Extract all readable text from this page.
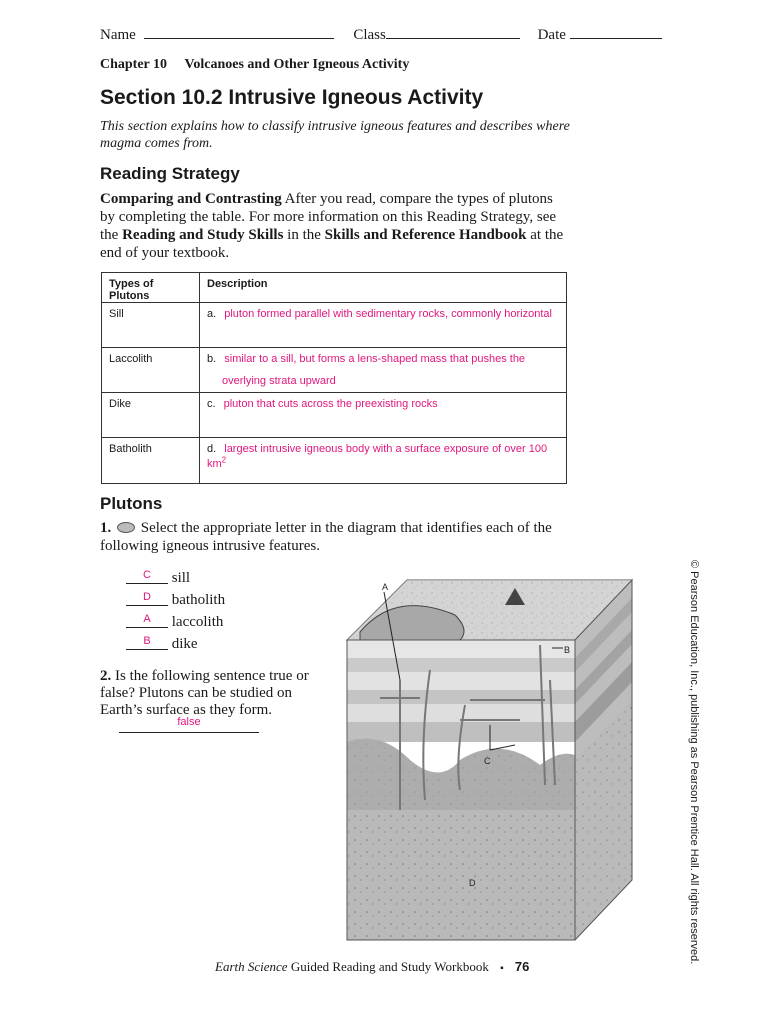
Name	Class	Date
Chapter 10 Volcanoes and Other Igneous Activity
Section 10.2 Intrusive Igneous Activity
This section explains how to classify intrusive igneous features and describes where magma comes from.
Reading Strategy
Comparing and Contrasting After you read, compare the types of plutons by completing the table. For more information on this Reading Strategy, see the Reading and Study Skills in the Skills and Reference Handbook at the end of your textbook.
Types of Plutons	Description
Sill	a. pluton formed parallel with sedimentary rocks, commonly horizontal
Laccolith	b. similar to a sill, but forms a lens-shaped mass that pushes the
overlying strata upward

Dike	c. pluton that cuts across the preexisting rocks
Batholith	d. largest intrusive igneous body with a surface exposure of over 100 $km^2$
Plutons
1. Select the appropriate letter in the diagram that identifies each of the following igneous intrusive features.
C sill
D batholith
A laccolith
B dike
2. Is the following sentence true or false? Plutons can be studied on Earth’s surface as they form.
false
A
B
C
D	© Pearson Education, Inc., publishing as Pearson Prentice Hall. All rights reserved.
Earth Science Guided Reading and Study Workbook ▪ 76
